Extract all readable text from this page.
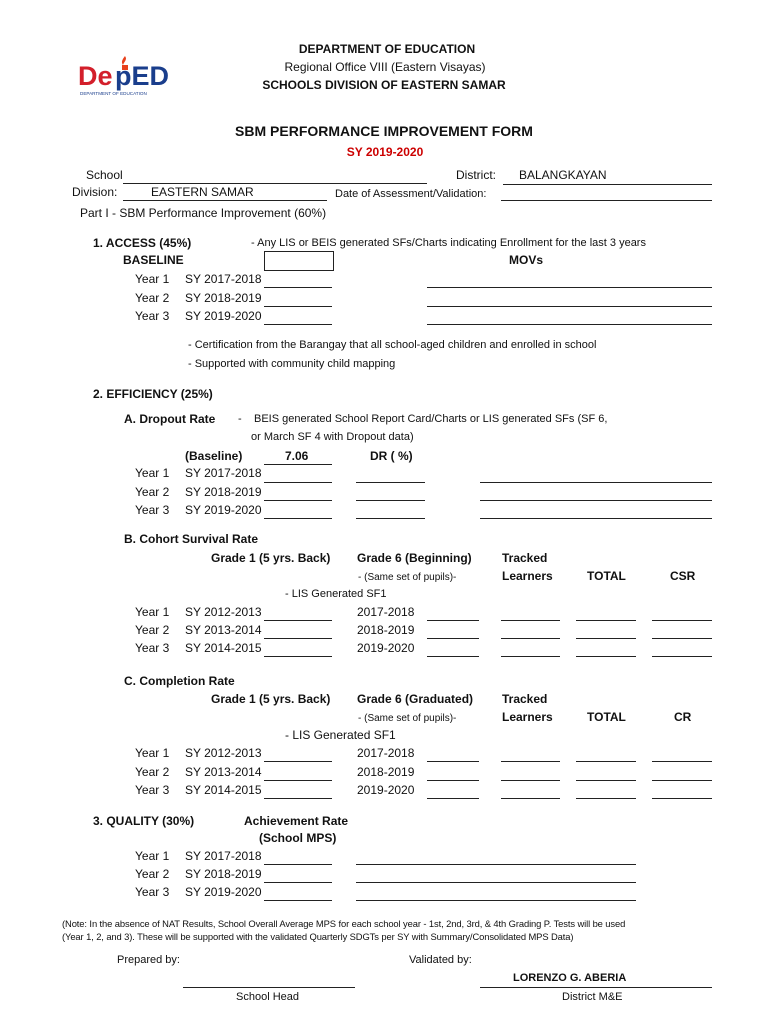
De pED
DEPARTMENT OF EDUCATION
DEPARTMENT OF EDUCATION
Regional Office VIII (Eastern Visayas)
SCHOOLS DIVISION OF EASTERN SAMAR
SBM PERFORMANCE IMPROVEMENT FORM
SY 2019-2020
School	District: BALANGKAYAN
Division:	EASTERN SAMAR	Date of Assessment/Validation:
Part I - SBM Performance Improvement (60%)
1. ACCESS (45%)	- Any LIS or BEIS generated SFs/Charts indicating Enrollment for the last 3 years
BASELINE	MOVs
Year 1 SY 2017-2018
Year 2 SY 2018-2019
Year 3 SY 2019-2020
- Certification from the Barangay that all school-aged children and enrolled in school
- Supported with community child mapping
2. EFFICIENCY (25%)
A. Dropout Rate - BEIS generated School Report Card/Charts or LIS generated SFs (SF 6,
or March SF 4 with Dropout data)
(Baseline)	7.06	DR ( %)
Year 1 SY 2017-2018
Year 2 SY 2018-2019
Year 3 SY 2019-2020
B. Cohort Survival Rate
Grade 1 (5 yrs. Back) Grade 6 (Beginning)	Tracked
- (Same set of pupils)-	Learners	TOTAL	CSR
- LIS Generated SF1
Year 1 SY 2012-2013	2017-2018
Year 2 SY 2013-2014	2018-2019
Year 3 SY 2014-2015	2019-2020
C. Completion Rate
Grade 1 (5 yrs. Back) Grade 6 (Graduated) Tracked
- (Same set of pupils)-	Learners	TOTAL	CR
- LIS Generated SF1
Year 1 SY 2012-2013	2017-2018
Year 2 SY 2013-2014	2018-2019
Year 3 SY 2014-2015	2019-2020
3. QUALITY (30%)	Achievement Rate
(School MPS)
Year 1 SY 2017-2018
Year 2 SY 2018-2019
Year 3 SY 2019-2020
(Note: In the absence of NAT Results, School Overall Average MPS for each school year - 1st, 2nd, 3rd, & 4th Grading P. Tests will be used
(Year 1, 2, and 3). These will be supported with the validated Quarterly SDGTs per SY with Summary/Consolidated MPS Data)
Prepared by:	Validated by:
LORENZO G. ABERIA
School Head	District M&E
